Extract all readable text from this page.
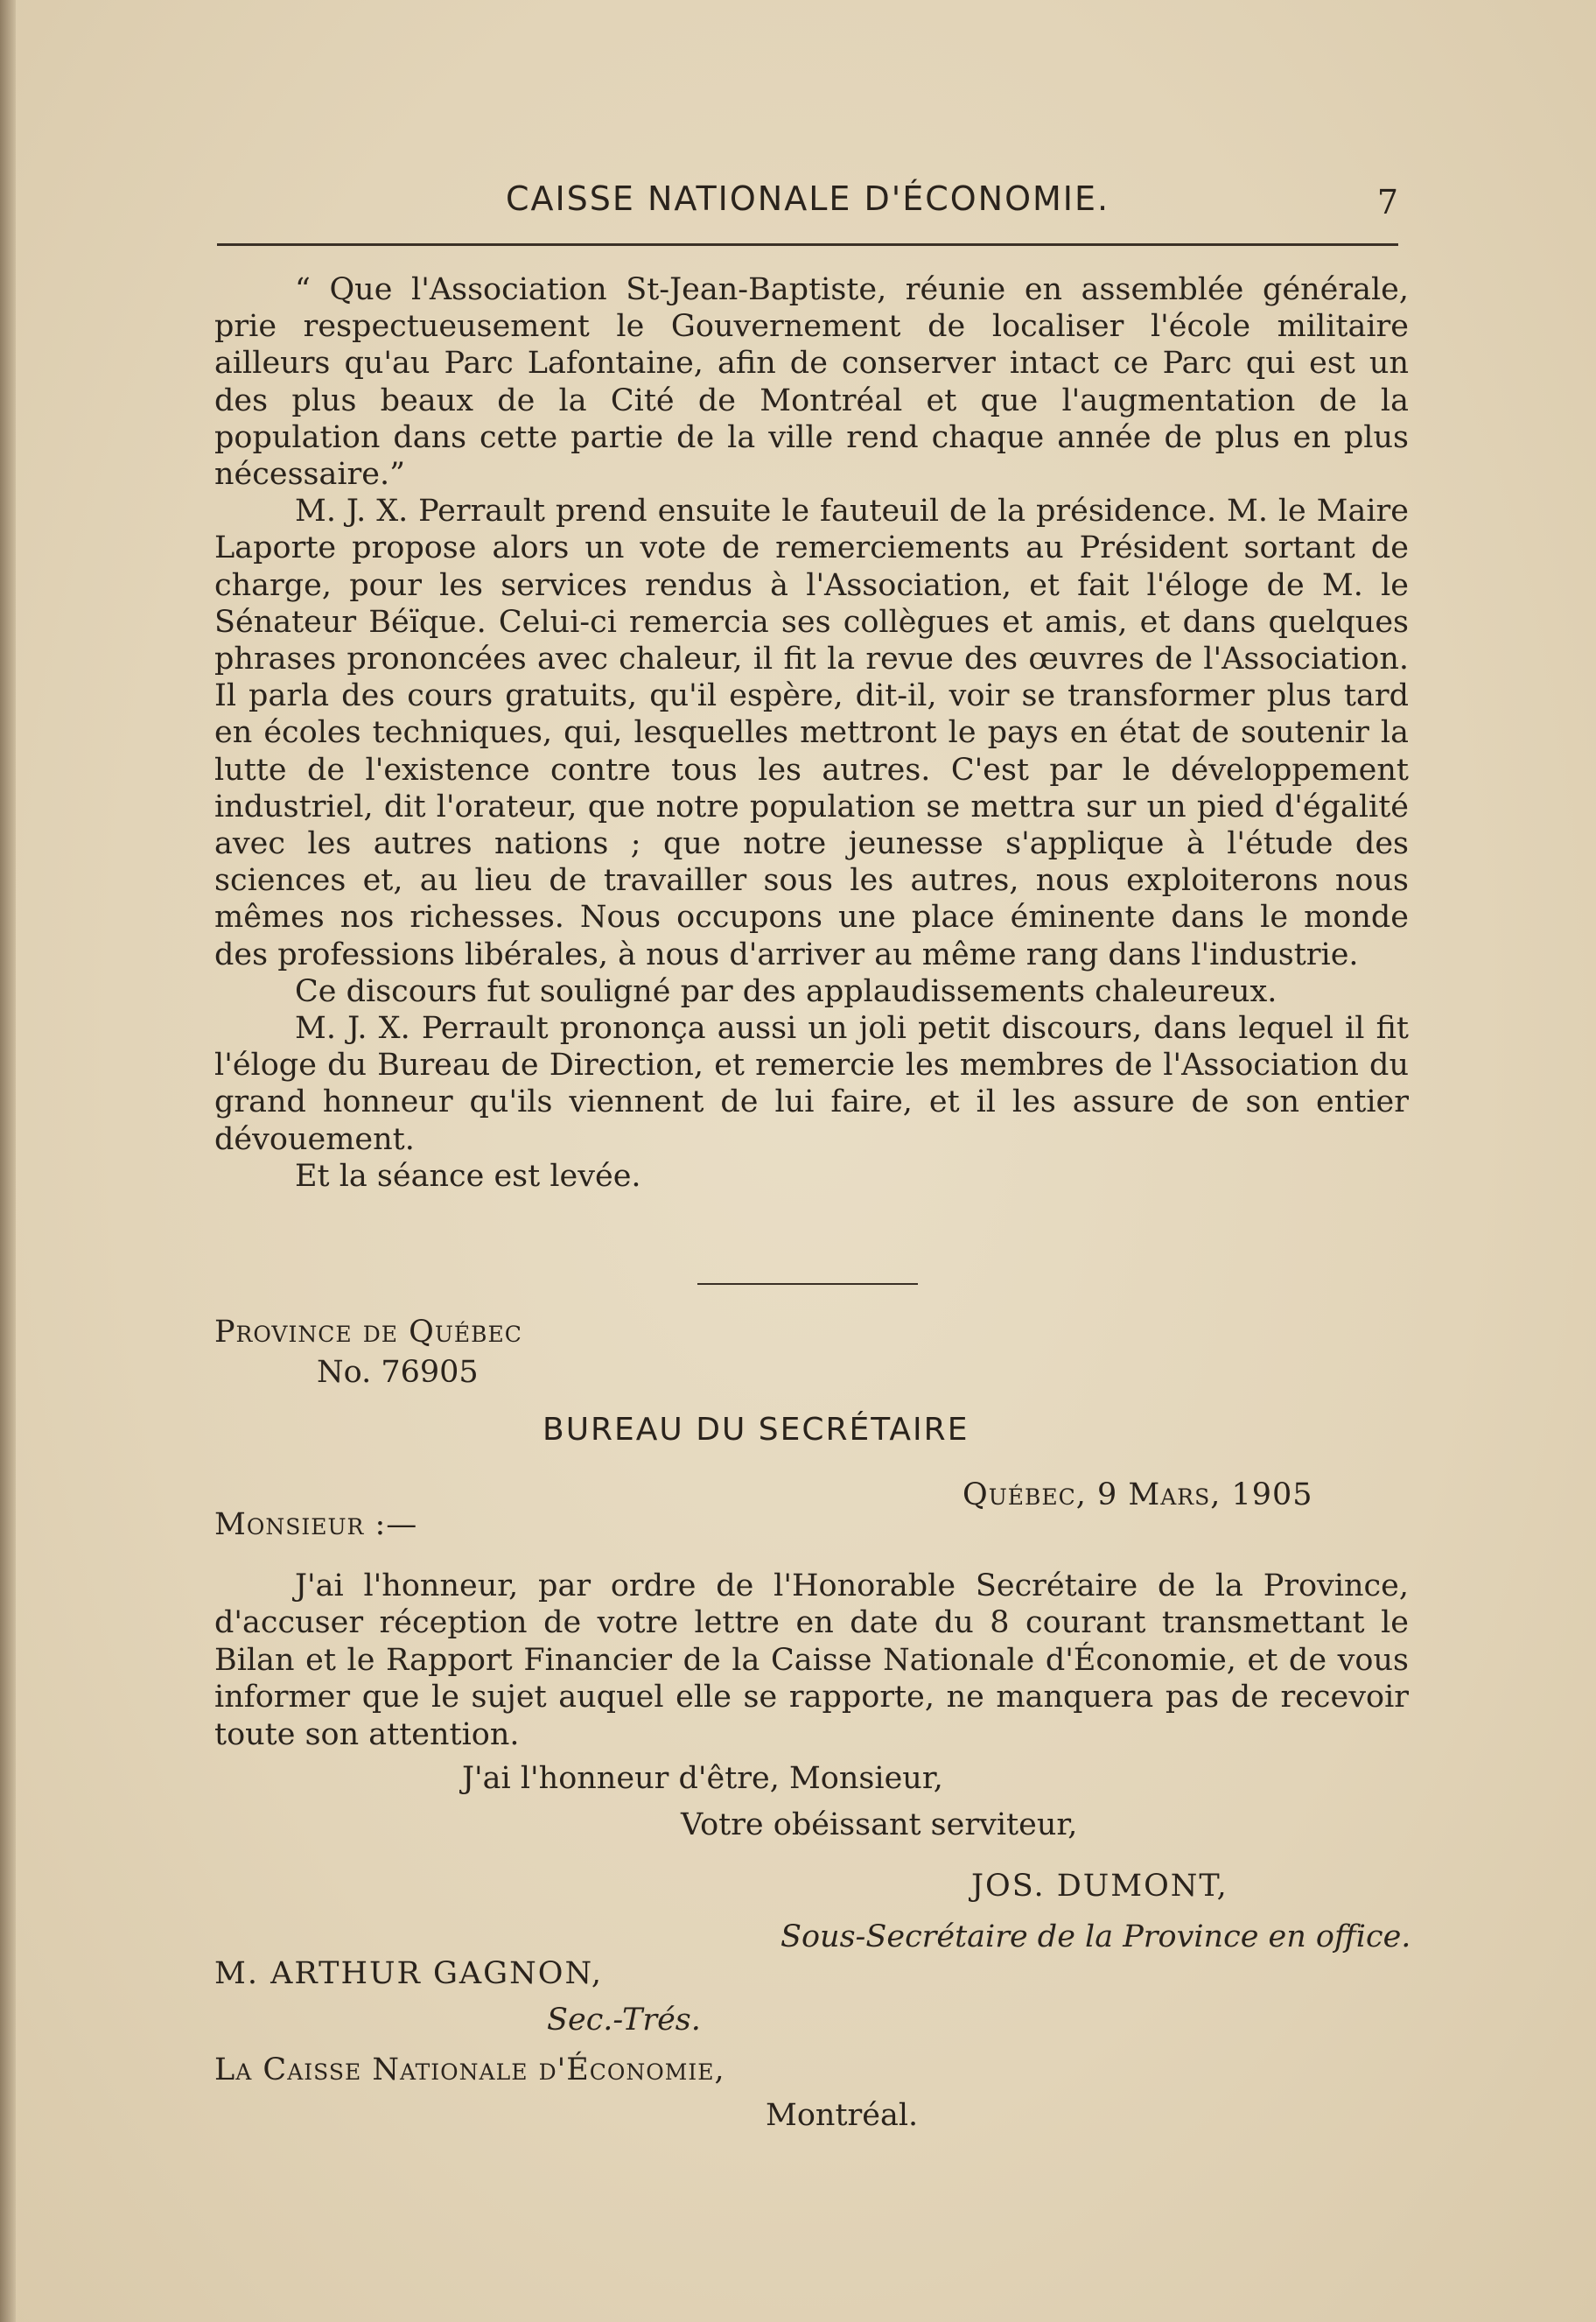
CAISSE NATIONALE D'ÉCONOMIE.	7

“ Que l'Association St-Jean-Baptiste, réunie en assemblée générale, prie respectueusement le Gouvernement de localiser l'école militaire ailleurs qu'au Parc Lafontaine, afin de conserver intact ce Parc qui est un des plus beaux de la Cité de Montréal et que l'augmentation de la population dans cette partie de la ville rend chaque année de plus en plus nécessaire.”

M. J. X. Perrault prend ensuite le fauteuil de la présidence. M. le Maire Laporte propose alors un vote de remerciements au Président sortant de charge, pour les services rendus à l'Association, et fait l'éloge de M. le Sénateur Béïque. Celui-ci remercia ses collègues et amis, et dans quelques phrases prononcées avec chaleur, il fit la revue des œuvres de l'Association. Il parla des cours gratuits, qu'il espère, dit-il, voir se transformer plus tard en écoles techniques, qui, lesquelles mettront le pays en état de soutenir la lutte de l'existence contre tous les autres. C'est par le développement industriel, dit l'orateur, que notre population se mettra sur un pied d'égalité avec les autres nations ; que notre jeunesse s'applique à l'étude des sciences et, au lieu de travailler sous les autres, nous exploiterons nous mêmes nos richesses. Nous occupons une place éminente dans le monde des professions libérales, à nous d'arriver au même rang dans l'industrie.

Ce discours fut souligné par des applaudissements chaleureux.

M. J. X. Perrault prononça aussi un joli petit discours, dans lequel il fit l'éloge du Bureau de Direction, et remercie les membres de l'Association du grand honneur qu'ils viennent de lui faire, et il les assure de son entier dévouement.

Et la séance est levée.

Province de Québec
No. 76905
BUREAU DU SECRÉTAIRE
Québec, 9 Mars, 1905
Monsieur :—

J'ai l'honneur, par ordre de l'Honorable Secrétaire de la Province, d'accuser réception de votre lettre en date du 8 courant transmettant le Bilan et le Rapport Financier de la Caisse Nationale d'Économie, et de vous informer que le sujet auquel elle se rapporte, ne manquera pas de recevoir toute son attention.

J'ai l'honneur d'être, Monsieur,
Votre obéissant serviteur,
JOS. DUMONT,
Sous-Secrétaire de la Province en office.
M. ARTHUR GAGNON,
Sec.-Trés.
La Caisse Nationale d'Économie,
Montréal.
